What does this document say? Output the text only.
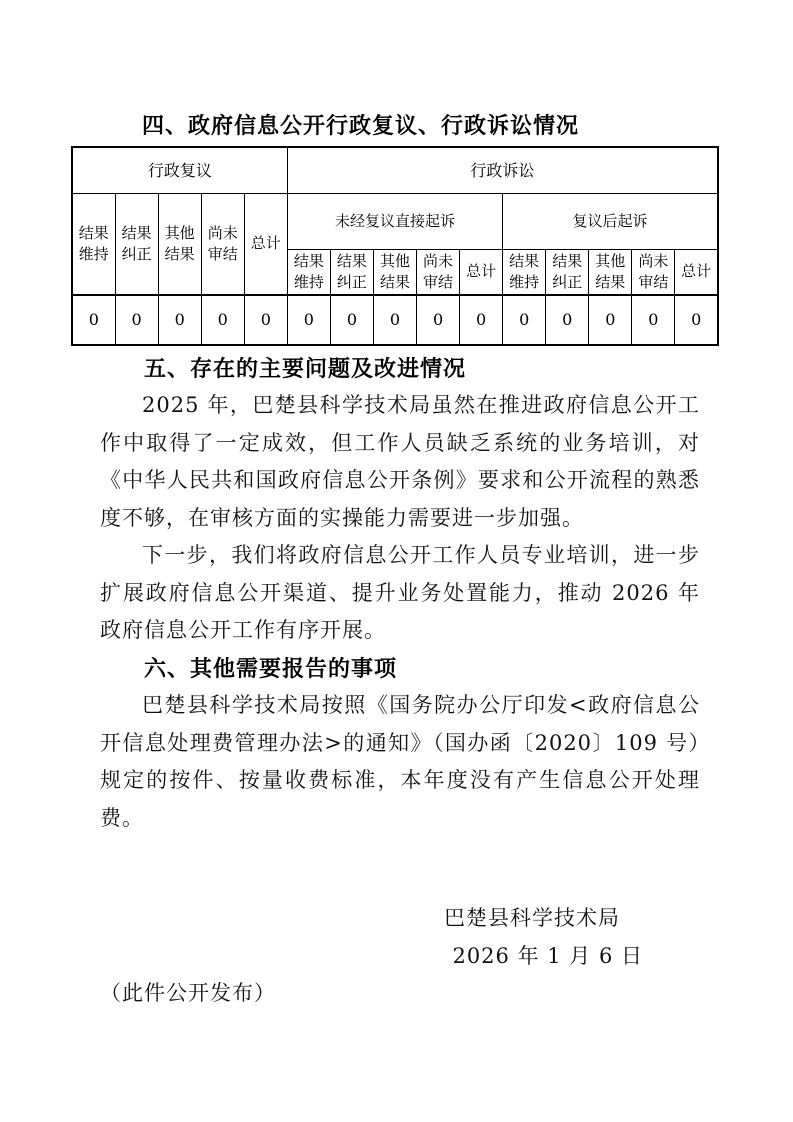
四、政府信息公开行政复议、行政诉讼情况
行政复议					行政诉讼									
结果维持	结果纠正	其他结果	尚未审结	总计	未经复议直接起诉					复议后起诉				
					结果维持	结果纠正	其他结果	尚未审结	总计	结果维持	结果纠正	其他结果	尚未审结	总计
0	0	0	0	0	0	0	0	0	0	0	0	0	0	0
五、存在的主要问题及改进情况

2025 年，巴楚县科学技术局虽然在推进政府信息公开工作中取得了一定成效，但工作人员缺乏系统的业务培训，对《中华人民共和国政府信息公开条例》要求和公开流程的熟悉度不够，在审核方面的实操能力需要进一步加强。

下一步，我们将政府信息公开工作人员专业培训，进一步扩展政府信息公开渠道、提升业务处置能力，推动 2026 年政府信息公开工作有序开展。

六、其他需要报告的事项

巴楚县科学技术局按照《国务院办公厅印发<政府信息公开信息处理费管理办法>的通知》（国办函〔2020〕109 号）规定的按件、按量收费标准，本年度没有产生信息公开处理费。

巴楚县科学技术局
2026 年 1 月 6 日
（此件公开发布）
